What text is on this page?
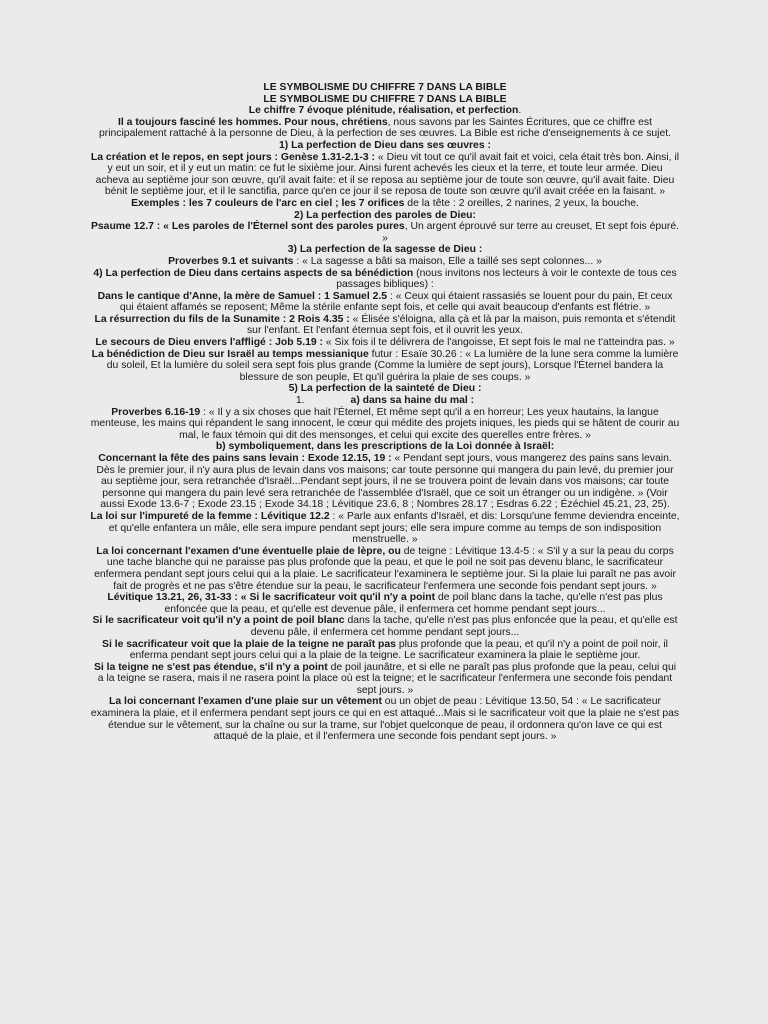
LE SYMBOLISME DU CHIFFRE 7 DANS LA BIBLE

LE SYMBOLISME DU CHIFFRE 7 DANS LA BIBLE

Le chiffre 7 évoque plénitude, réalisation, et perfection.

Il a toujours fasciné les hommes. Pour nous, chrétiens, nous savons par les Saintes Écritures, que ce chiffre est principalement rattaché à la personne de Dieu, à la perfection de ses œuvres. La Bible est riche d'enseignements à ce sujet.

1) La perfection de Dieu dans ses œuvres :

La création et le repos, en sept jours : Genèse 1.31-2.1-3 : « Dieu vit tout ce qu'il avait fait et voici, cela était très bon. Ainsi, il y eut un soir, et il y eut un matin: ce fut le sixième jour. Ainsi furent achevés les cieux et la terre, et toute leur armée. Dieu acheva au septième jour son œuvre, qu'il avait faite: et il se reposa au septième jour de toute son œuvre, qu'il avait faite. Dieu bénit le septième jour, et il le sanctifia, parce qu'en ce jour il se reposa de toute son œuvre qu'il avait créée en la faisant. »

Exemples : les 7 couleurs de l'arc en ciel ; les 7 orifices de la tête : 2 oreilles, 2 narines, 2 yeux, la bouche.

2) La perfection des paroles de Dieu:

Psaume 12.7 : « Les paroles de l'Éternel sont des paroles pures, Un argent éprouvé sur terre au creuset, Et sept fois épuré. »

3) La perfection de la sagesse de Dieu :

Proverbes 9.1 et suivants : « La sagesse a bâti sa maison, Elle a taillé ses sept colonnes... »

4) La perfection de Dieu dans certains aspects de sa bénédiction (nous invitons nos lecteurs à voir le contexte de tous ces passages bibliques) :

Dans le cantique d'Anne, la mère de Samuel : 1 Samuel 2.5 : « Ceux qui étaient rassasiés se louent pour du pain, Et ceux qui étaient affamés se reposent; Même la stérile enfante sept fois, et celle qui avait beaucoup d'enfants est flétrie. »

La résurrection du fils de la Sunamite : 2 Rois 4.35 : « Élisée s'éloigna, alla çà et là par la maison, puis remonta et s'étendit sur l'enfant. Et l'enfant éternua sept fois, et il ouvrit les yeux.

Le secours de Dieu envers l'affligé : Job 5.19 : « Six fois il te délivrera de l'angoisse, Et sept fois le mal ne t'atteindra pas. »

La bénédiction de Dieu sur Israël au temps messianique futur : Esaïe 30.26 : « La lumière de la lune sera comme la lumière du soleil, Et la lumière du soleil sera sept fois plus grande (Comme la lumière de sept jours), Lorsque l'Éternel bandera la blessure de son peuple, Et qu'il guérira la plaie de ses coups. »

5) La perfection de la sainteté de Dieu :

1.	a) dans sa haine du mal :

Proverbes 6.16-19 : « Il y a six choses que hait l'Éternel, Et même sept qu'il a en horreur; Les yeux hautains, la langue menteuse, les mains qui répandent le sang innocent, le cœur qui médite des projets iniques, les pieds qui se hâtent de courir au mal, le faux témoin qui dit des mensonges, et celui qui excite des querelles entre frères. »

b) symboliquement, dans les prescriptions de la Loi donnée à Israël:

Concernant la fête des pains sans levain : Exode 12.15, 19 : « Pendant sept jours, vous mangerez des pains sans levain. Dès le premier jour, il n'y aura plus de levain dans vos maisons; car toute personne qui mangera du pain levé, du premier jour au septième jour, sera retranchée d'Israël...Pendant sept jours, il ne se trouvera point de levain dans vos maisons; car toute personne qui mangera du pain levé sera retranchée de l'assemblée d'Israël, que ce soit un étranger ou un indigène. » (Voir aussi Exode 13.6-7 ; Exode 23.15 ; Exode 34.18 ; Lévitique 23.6, 8 ; Nombres 28.17 ; Esdras 6.22 ; Ézéchiel 45.21, 23, 25).

La loi sur l'impureté de la femme : Lévitique 12.2 : « Parle aux enfants d'Israël, et dis: Lorsqu'une femme deviendra enceinte, et qu'elle enfantera un mâle, elle sera impure pendant sept jours; elle sera impure comme au temps de son indisposition menstruelle. »

La loi concernant l'examen d'une éventuelle plaie de lèpre, ou de teigne : Lévitique 13.4-5 : « S'il y a sur la peau du corps une tache blanche qui ne paraisse pas plus profonde que la peau, et que le poil ne soit pas devenu blanc, le sacrificateur enfermera pendant sept jours celui qui a la plaie. Le sacrificateur l'examinera le septième jour. Si la plaie lui paraît ne pas avoir fait de progrès et ne pas s'être étendue sur la peau, le sacrificateur l'enfermera une seconde fois pendant sept jours. »

Lévitique 13.21, 26, 31-33 : « Si le sacrificateur voit qu'il n'y a point de poil blanc dans la tache, qu'elle n'est pas plus enfoncée que la peau, et qu'elle est devenue pâle, il enfermera cet homme pendant sept jours...

Si le sacrificateur voit qu'il n'y a point de poil blanc dans la tache, qu'elle n'est pas plus enfoncée que la peau, et qu'elle est devenu pâle, il enfermera cet homme pendant sept jours...

Si le sacrificateur voit que la plaie de la teigne ne paraît pas plus profonde que la peau, et qu'il n'y a point de poil noir, il enferma pendant sept jours celui qui a la plaie de la teigne. Le sacrificateur examinera la plaie le septième jour.

Si la teigne ne s'est pas étendue, s'il n'y a point de poil jaunâtre, et si elle ne paraît pas plus profonde que la peau, celui qui a la teigne se rasera, mais il ne rasera point la place où est la teigne; et le sacrificateur l'enfermera une seconde fois pendant sept jours. »

La loi concernant l'examen d'une plaie sur un vêtement ou un objet de peau : Lévitique 13.50, 54 : « Le sacrificateur examinera la plaie, et il enfermera pendant sept jours ce qui en est attaqué...Mais si le sacrificateur voit que la plaie ne s'est pas étendue sur le vêtement, sur la chaîne ou sur la trame, sur l'objet quelconque de peau, il ordonnera qu'on lave ce qui est attaqué de la plaie, et il l'enfermera une seconde fois pendant sept jours. »
